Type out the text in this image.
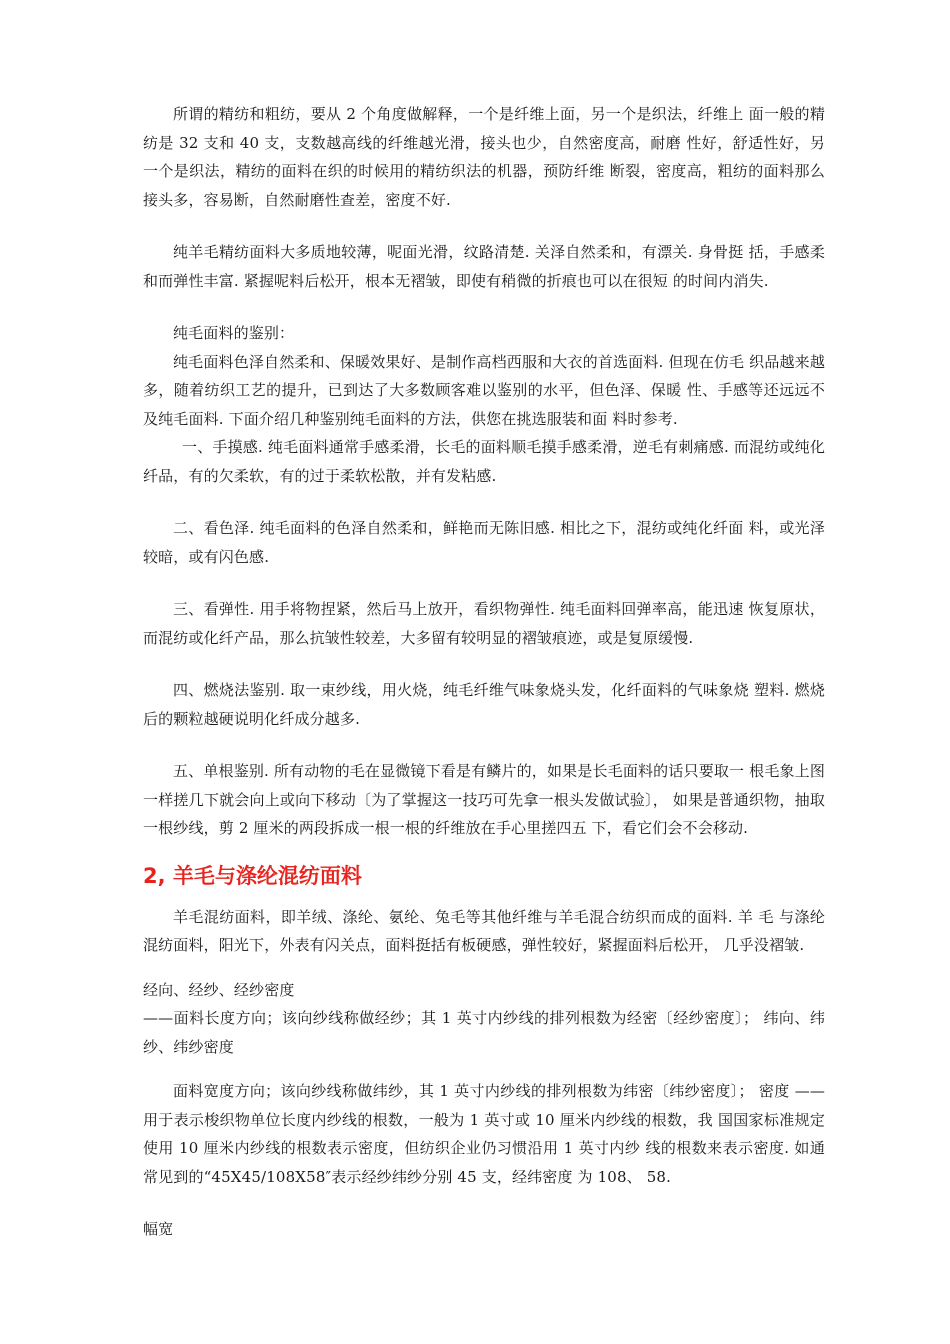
所谓的精纺和粗纺，要从 2 个角度做解释，一个是纤维上面，另一个是织法，纤维上 面一般的精纺是 32 支和 40 支，支数越高线的纤维越光滑，接头也少，自然密度高，耐磨 性好，舒适性好，另一个是织法，精纺的面料在织的时候用的精纺织法的机器，预防纤维 断裂，密度高，粗纺的面料那么接头多，容易断，自然耐磨性查差，密度不好.

纯羊毛精纺面料大多质地较薄，呢面光滑，纹路清楚. 关泽自然柔和，有漂关. 身骨挺 括，手感柔和而弹性丰富. 紧握呢料后松开，根本无褶皱，即使有稍微的折痕也可以在很短 的时间内消失.

纯毛面料的鉴别：

纯毛面料色泽自然柔和、保暖效果好、是制作高档西服和大衣的首选面料. 但现在仿毛 织品越来越多，随着纺织工艺的提升，已到达了大多数顾客难以鉴别的水平，但色泽、保暖 性、手感等还远远不及纯毛面料. 下面介绍几种鉴别纯毛面料的方法，供您在挑选服装和面 料时参考.

一、手摸感. 纯毛面料通常手感柔滑，长毛的面料顺毛摸手感柔滑，逆毛有刺痛感. 而混纺或纯化纤品，有的欠柔软，有的过于柔软松散，并有发粘感.

二、看色泽. 纯毛面料的色泽自然柔和，鲜艳而无陈旧感. 相比之下，混纺或纯化纤面 料，或光泽较暗，或有闪色感.

三、看弹性. 用手将物捏紧，然后马上放开，看织物弹性. 纯毛面料回弹率高，能迅速 恢复原状，而混纺或化纤产品，那么抗皱性较差，大多留有较明显的褶皱痕迹，或是复原缓慢.

四、燃烧法鉴别. 取一束纱线，用火烧，纯毛纤维气味象烧头发，化纤面料的气味象烧 塑料. 燃烧后的颗粒越硬说明化纤成分越多.

五、单根鉴别. 所有动物的毛在显微镜下看是有鳞片的，如果是长毛面料的话只要取一 根毛象上图一样搓几下就会向上或向下移动〔为了掌握这一技巧可先拿一根头发做试验〕， 如果是普通织物，抽取一根纱线，剪 2 厘米的两段拆成一根一根的纤维放在手心里搓四五 下，看它们会不会移动.

2, 羊毛与涤纶混纺面料

羊毛混纺面料，即羊绒、涤纶、氨纶、兔毛等其他纤维与羊毛混合纺织而成的面料. 羊 毛 与涤纶混纺面料，阳光下，外表有闪关点，面料挺括有板硬感，弹性较好，紧握面料后松开， 几乎没褶皱.

经向、经纱、经纱密度

——面料长度方向；该向纱线称做经纱；其 1 英寸内纱线的排列根数为经密〔经纱密度〕； 纬向、纬纱、纬纱密度

面料宽度方向；该向纱线称做纬纱，其 1 英寸内纱线的排列根数为纬密〔纬纱密度〕； 密度 ——用于表示梭织物单位长度内纱线的根数，一般为 1 英寸或 10 厘米内纱线的根数，我 国国家标准规定使用 10 厘米内纱线的根数表示密度，但纺织企业仍习惯沿用 1 英寸内纱 线的根数来表示密度. 如通常见到的“45X45/108X58″表示经纱纬纱分别 45 支，经纬密度 为 108、 58.

幅宽
